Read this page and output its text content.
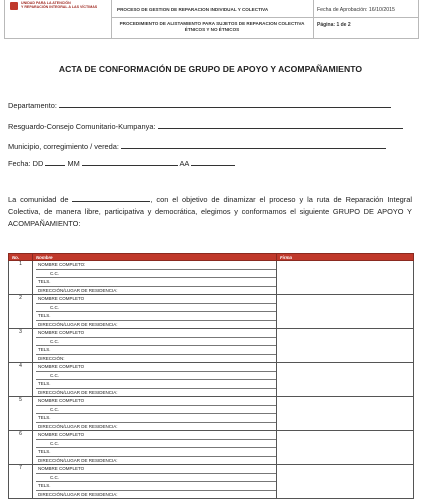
UNIDAD PARA LA ATENCIÓN
Y REPARACIÓN INTEGRAL A LAS VÍCTIMAS	PROCESO DE GESTION DE REPARACION INDIVIDUAL Y COLECTIVA	Fecha de Aprobación: 16/10/2015
PROCEDIMIENTO DE ALISTAMIENTO PARA SUJETOS DE REPARACION COLECTIVA ÉTNICOS Y NO ÉTNICOS
Página: 1 de 2
ACTA DE CONFORMACIÓN DE GRUPO DE APOYO Y ACOMPAÑAMIENTO
Departamento:
Resguardo-Consejo Comunitario-Kumpanya:
Municipio, corregimiento / vereda:
Fecha: DD	MM	AA
La comunidad de	, con el objetivo de dinamizar el proceso y la ruta de Reparación Integral Colectiva, de manera libre, participativa y democrática, elegimos y conformamos el siguiente GRUPO DE APOYO Y ACOMPAÑAMIENTO:
No.	Nombre	Firma
1	NOMBRE COMPLETO:
C.C.
TELS.
DIRECCIÓN/LUGAR DE RESIDENCIA:	

2	NOMBRE COMPLETO
C.C.
TELS.
DIRECCIÓN/LUGAR DE RESIDENCIA:	

3	NOMBRE COMPLETO
C.C.
TELS.
DIRECCIÓN:	

4	NOMBRE COMPLETO
C.C.
TELS.
DIRECCIÓN/LUGAR DE RESIDENCIA:	

5	NOMBRE COMPLETO
C.C.
TELS.
DIRECCIÓN/LUGAR DE RESIDENCIA:	

6	NOMBRE COMPLETO
C.C.
TELS.
DIRECCIÓN/LUGAR DE RESIDENCIA:	

7	NOMBRE COMPLETO
C.C.
TELS.
DIRECCIÓN/LUGAR DE RESIDENCIA:	
